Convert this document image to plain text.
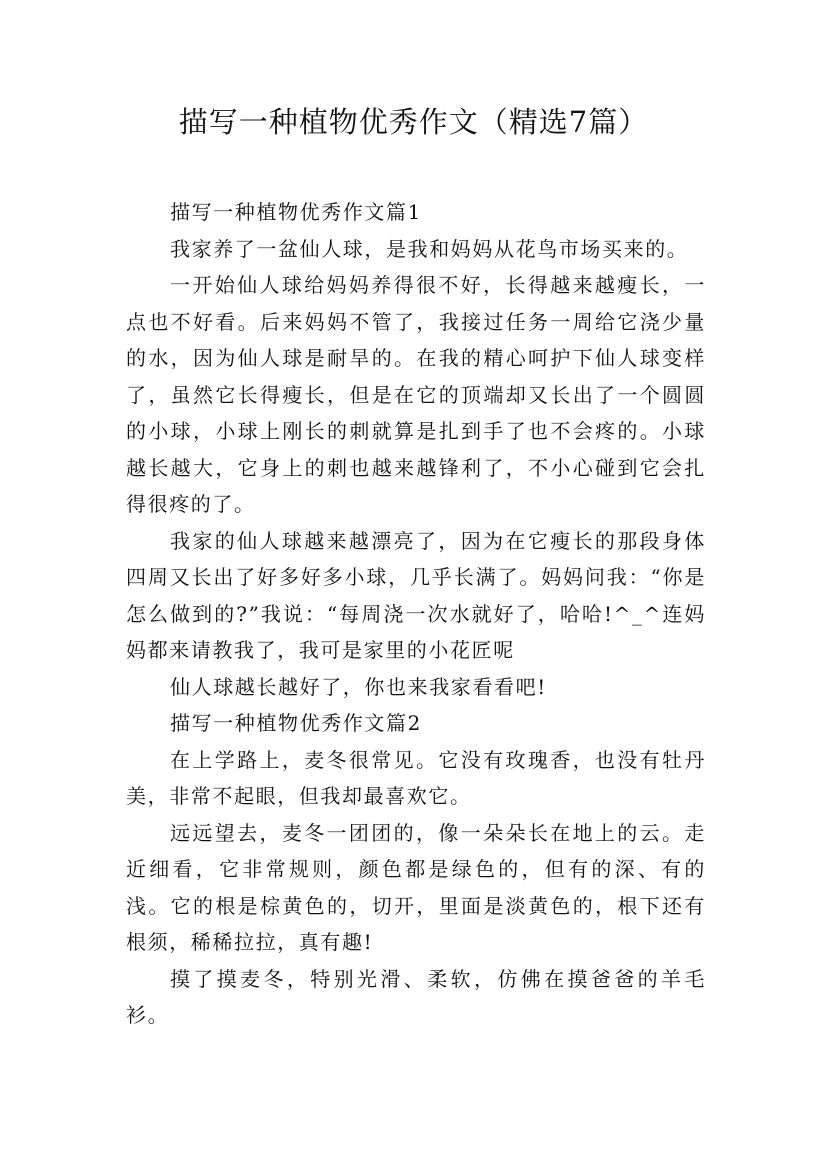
描写一种植物优秀作文（精选7篇）

描写一种植物优秀作文篇1

我家养了一盆仙人球，是我和妈妈从花鸟市场买来的。

一开始仙人球给妈妈养得很不好，长得越来越瘦长，一点也不好看。后来妈妈不管了，我接过任务一周给它浇少量的水，因为仙人球是耐旱的。在我的精心呵护下仙人球变样了，虽然它长得瘦长，但是在它的顶端却又长出了一个圆圆的小球，小球上刚长的刺就算是扎到手了也不会疼的。小球越长越大，它身上的刺也越来越锋利了，不小心碰到它会扎得很疼的了。

我家的仙人球越来越漂亮了，因为在它瘦长的那段身体四周又长出了好多好多小球，几乎长满了。妈妈问我：“你是怎么做到的?”我说：“每周浇一次水就好了，哈哈!^_^连妈妈都来请教我了，我可是家里的小花匠呢

仙人球越长越好了，你也来我家看看吧!

描写一种植物优秀作文篇2

在上学路上，麦冬很常见。它没有玫瑰香，也没有牡丹美，非常不起眼，但我却最喜欢它。

远远望去，麦冬一团团的，像一朵朵长在地上的云。走近细看，它非常规则，颜色都是绿色的，但有的深、有的浅。它的根是棕黄色的，切开，里面是淡黄色的，根下还有根须，稀稀拉拉，真有趣!

摸了摸麦冬，特别光滑、柔软，仿佛在摸爸爸的羊毛衫。
